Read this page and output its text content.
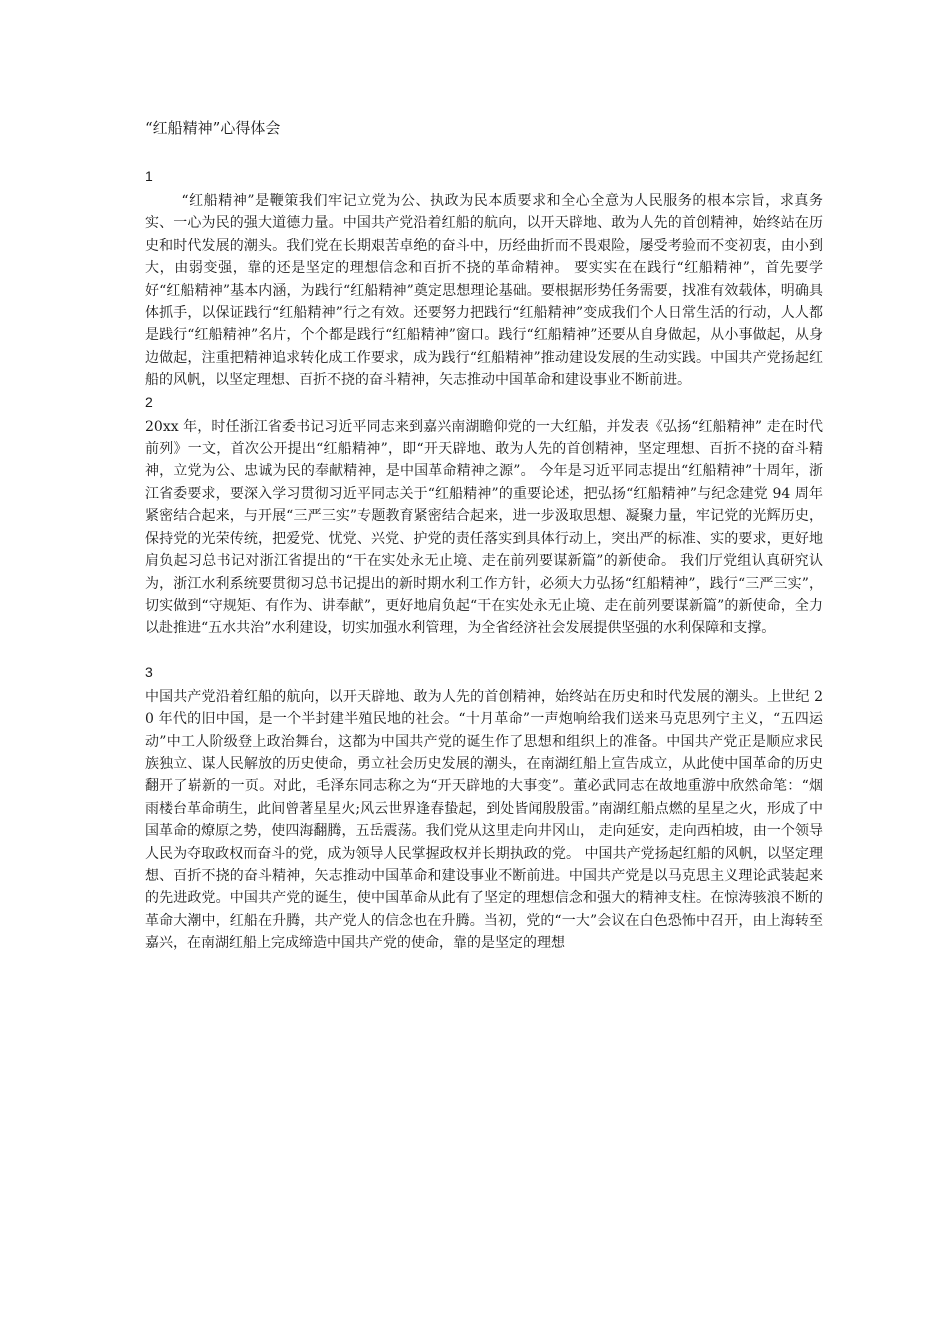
“红船精神”心得体会

1

“红船精神”是鞭策我们牢记立党为公、执政为民本质要求和全心全意为人民服务的根本宗旨，求真务实、一心为民的强大道德力量。中国共产党沿着红船的航向，以开天辟地、敢为人先的首创精神，始终站在历史和时代发展的潮头。我们党在长期艰苦卓绝的奋斗中，历经曲折而不畏艰险，屡受考验而不变初衷，由小到大，由弱变强，靠的还是坚定的理想信念和百折不挠的革命精神。 要实实在在践行“红船精神”，首先要学好“红船精神”基本内涵，为践行“红船精神”奠定思想理论基础。要根据形势任务需要，找准有效载体，明确具体抓手，以保证践行“红船精神”行之有效。还要努力把践行“红船精神”变成我们个人日常生活的行动，人人都是践行“红船精神”名片，个个都是践行“红船精神”窗口。践行“红船精神”还要从自身做起，从小事做起，从身边做起，注重把精神追求转化成工作要求，成为践行“红船精神”推动建设发展的生动实践。中国共产党扬起红船的风帆，以坚定理想、百折不挠的奋斗精神，矢志推动中国革命和建设事业不断前进。

2

20xx 年，时任浙江省委书记习近平同志来到嘉兴南湖瞻仰党的一大红船，并发表《弘扬“红船精神” 走在时代前列》一文，首次公开提出“红船精神”，即“开天辟地、敢为人先的首创精神，坚定理想、百折不挠的奋斗精神，立党为公、忠诚为民的奉献精神，是中国革命精神之源”。 今年是习近平同志提出“红船精神”十周年，浙江省委要求，要深入学习贯彻习近平同志关于“红船精神”的重要论述，把弘扬“红船精神”与纪念建党 94 周年紧密结合起来，与开展“三严三实”专题教育紧密结合起来，进一步汲取思想、凝聚力量，牢记党的光辉历史，保持党的光荣传统，把爱党、忧党、兴党、护党的责任落实到具体行动上，突出严的标准、实的要求，更好地肩负起习总书记对浙江省提出的“干在实处永无止境、走在前列要谋新篇”的新使命。 我们厅党组认真研究认为，浙江水利系统要贯彻习总书记提出的新时期水利工作方针，必须大力弘扬“红船精神”，践行“三严三实”，切实做到“守规矩、有作为、讲奉献”，更好地肩负起“干在实处永无止境、走在前列要谋新篇”的新使命，全力以赴推进“五水共治”水利建设，切实加强水利管理，为全省经济社会发展提供坚强的水利保障和支撑。

3

中国共产党沿着红船的航向，以开天辟地、敢为人先的首创精神，始终站在历史和时代发展的潮头。上世纪 20 年代的旧中国，是一个半封建半殖民地的社会。“十月革命”一声炮响给我们送来马克思列宁主义，“五四运动”中工人阶级登上政治舞台，这都为中国共产党的诞生作了思想和组织上的准备。中国共产党正是顺应求民族独立、谋人民解放的历史使命，勇立社会历史发展的潮头，在南湖红船上宣告成立，从此使中国革命的历史翻开了崭新的一页。对此，毛泽东同志称之为“开天辟地的大事变”。董必武同志在故地重游中欣然命笔：“烟雨楼台革命萌生，此间曾著星星火;风云世界逢春蛰起，到处皆闻殷殷雷。”南湖红船点燃的星星之火，形成了中国革命的燎原之势，使四海翻腾，五岳震荡。我们党从这里走向井冈山， 走向延安，走向西柏坡，由一个领导人民为夺取政权而奋斗的党，成为领导人民掌握政权并长期执政的党。 中国共产党扬起红船的风帆，以坚定理想、百折不挠的奋斗精神，矢志推动中国革命和建设事业不断前进。中国共产党是以马克思主义理论武装起来的先进政党。中国共产党的诞生，使中国革命从此有了坚定的理想信念和强大的精神支柱。在惊涛骇浪不断的革命大潮中，红船在升腾，共产党人的信念也在升腾。当初，党的“一大”会议在白色恐怖中召开，由上海转至嘉兴，在南湖红船上完成缔造中国共产党的使命，靠的是坚定的理想
